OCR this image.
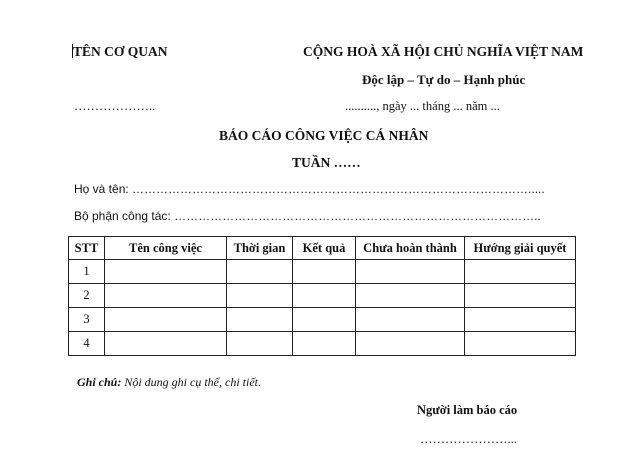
TÊN CƠ QUAN	CỘNG HOÀ XÃ HỘI CHỦ NGHĨA VIỆT NAM
Độc lập – Tự do – Hạnh phúc
………………..	.........., ngày ... tháng ... năm ...
BÁO CÁO CÔNG VIỆC CÁ NHÂN
TUẦN ……
Họ và tên: ……………………………………………………………………………………….....
Bộ phận công tác: ………………………………………………………………………………..
STT	Tên công việc	Thời gian	Kết quả	Chưa hoàn thành	Hướng giải quyết
1					
2					
3					
4					
Ghi chú: Nội dung ghi cụ thể, chi tiết.
Người làm báo cáo
…………………...
